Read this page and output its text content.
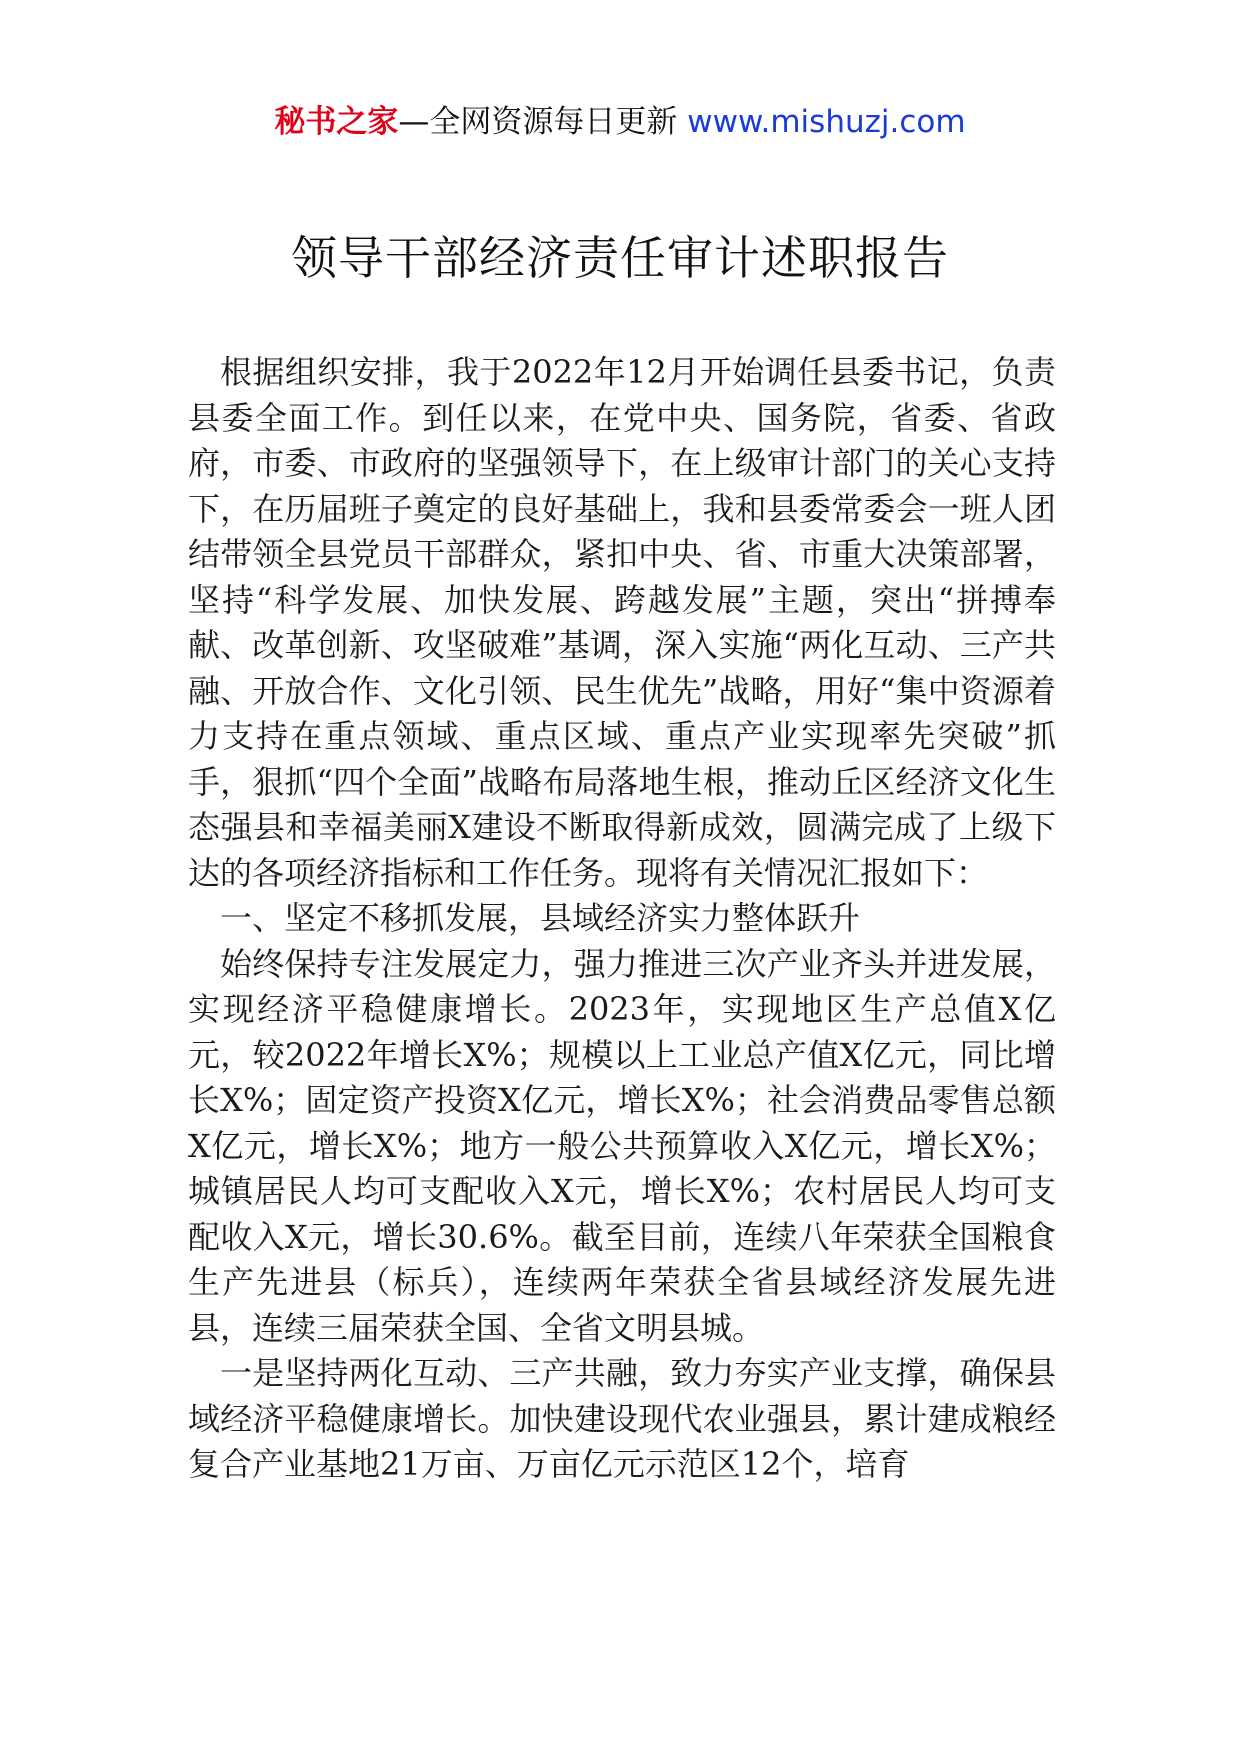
秘书之家—全网资源每日更新 www.mishuzj.com
领导干部经济责任审计述职报告

根据组织安排，我于2022年12月开始调任县委书记，负责县委全面工作。到任以来，在党中央、国务院，省委、省政府，市委、市政府的坚强领导下，在上级审计部门的关心支持下，在历届班子奠定的良好基础上，我和县委常委会一班人团结带领全县党员干部群众，紧扣中央、省、市重大决策部署，坚持“科学发展、加快发展、跨越发展”主题，突出“拼搏奉献、改革创新、攻坚破难”基调，深入实施“两化互动、三产共融、开放合作、文化引领、民生优先”战略，用好“集中资源着力支持在重点领域、重点区域、重点产业实现率先突破”抓手，狠抓“四个全面”战略布局落地生根，推动丘区经济文化生态强县和幸福美丽X建设不断取得新成效，圆满完成了上级下达的各项经济指标和工作任务。现将有关情况汇报如下：

一、坚定不移抓发展，县域经济实力整体跃升

始终保持专注发展定力，强力推进三次产业齐头并进发展，实现经济平稳健康增长。2023年，实现地区生产总值X亿元，较2022年增长X%；规模以上工业总产值X亿元，同比增长X%；固定资产投资X亿元，增长X%；社会消费品零售总额X亿元，增长X%；地方一般公共预算收入X亿元，增长X%；城镇居民人均可支配收入X元，增长X%；农村居民人均可支配收入X元，增长30.6%。截至目前，连续八年荣获全国粮食生产先进县（标兵），连续两年荣获全省县域经济发展先进县，连续三届荣获全国、全省文明县城。

一是坚持两化互动、三产共融，致力夯实产业支撑，确保县域经济平稳健康增长。加快建设现代农业强县，累计建成粮经复合产业基地21万亩、万亩亿元示范区12个，培育
